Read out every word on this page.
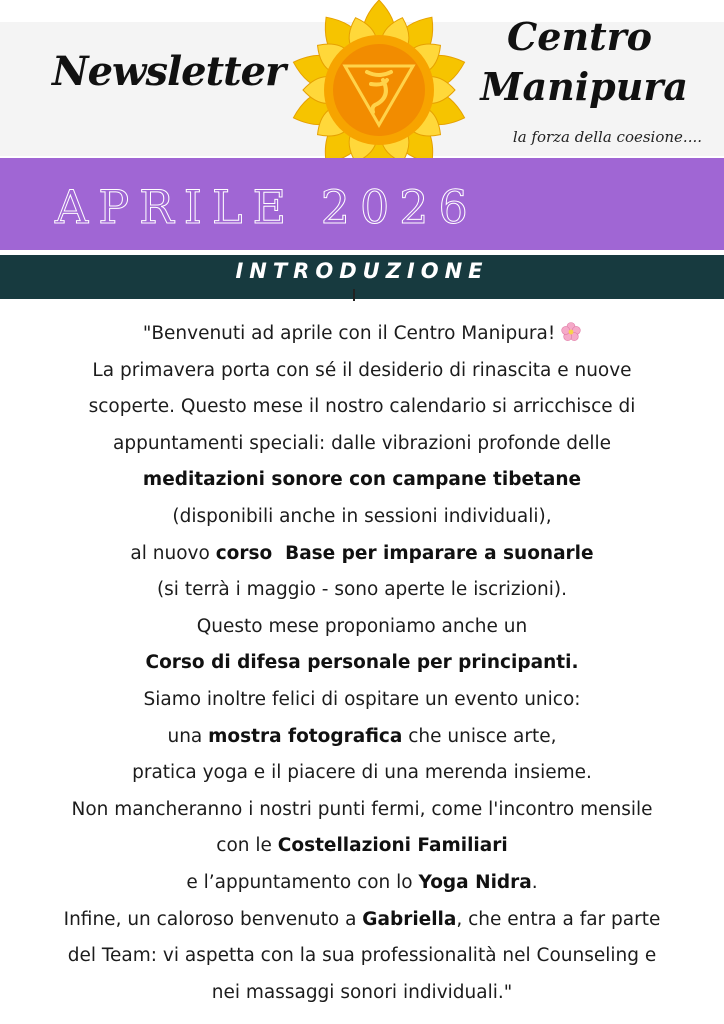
Newsletter
Centro
Manipura
la forza della coesione....
APRILE 2026
INTRODUZIONE
"Benvenuti ad aprile con il Centro Manipura!
La primavera porta con sé il desiderio di rinascita e nuove
scoperte. Questo mese il nostro calendario si arricchisce di
appuntamenti speciali: dalle vibrazioni profonde delle
meditazioni sonore con campane tibetane
(disponibili anche in sessioni individuali),
al nuovo corso  Base per imparare a suonarle
(si terrà i maggio - sono aperte le iscrizioni).
Questo mese proponiamo anche un
Corso di difesa personale per principanti.
Siamo inoltre felici di ospitare un evento unico:
una mostra fotografica che unisce arte,
pratica yoga e il piacere di una merenda insieme.
Non mancheranno i nostri punti fermi, come l'incontro mensile
con le Costellazioni Familiari
e l’appuntamento con lo Yoga Nidra.
Infine, un caloroso benvenuto a Gabriella, che entra a far parte
del Team: vi aspetta con la sua professionalità nel Counseling e
nei massaggi sonori individuali."
